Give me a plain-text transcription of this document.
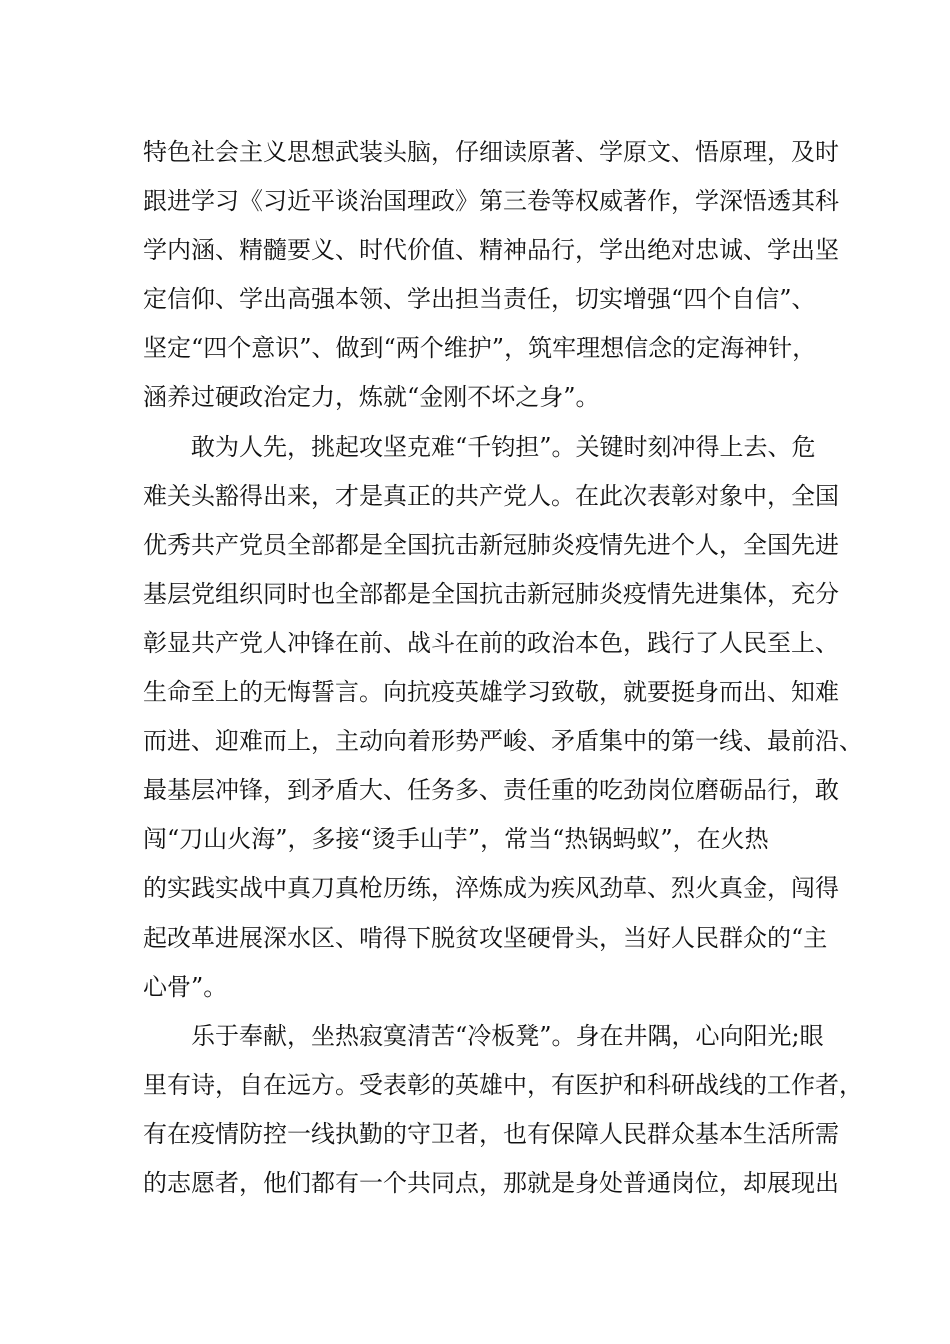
特色社会主义思想武装头脑，仔细读原著、学原文、悟原理，及时
跟进学习《习近平谈治国理政》第三卷等权威著作，学深悟透其科
学内涵、精髓要义、时代价值、精神品行，学出绝对忠诚、学出坚
定信仰、学出高强本领、学出担当责任，切实增强“四个自信”、
坚定“四个意识”、做到“两个维护”，筑牢理想信念的定海神针，
涵养过硬政治定力，炼就“金刚不坏之身”。
敢为人先，挑起攻坚克难“千钧担”。关键时刻冲得上去、危
难关头豁得出来，才是真正的共产党人。在此次表彰对象中，全国
优秀共产党员全部都是全国抗击新冠肺炎疫情先进个人，全国先进
基层党组织同时也全部都是全国抗击新冠肺炎疫情先进集体，充分
彰显共产党人冲锋在前、战斗在前的政治本色，践行了人民至上、
生命至上的无悔誓言。向抗疫英雄学习致敬，就要挺身而出、知难
而进、迎难而上，主动向着形势严峻、矛盾集中的第一线、最前沿、
最基层冲锋，到矛盾大、任务多、责任重的吃劲岗位磨砺品行，敢
闯“刀山火海”，多接“烫手山芋”，常当“热锅蚂蚁”，在火热
的实践实战中真刀真枪历练，淬炼成为疾风劲草、烈火真金，闯得
起改革进展深水区、啃得下脱贫攻坚硬骨头，当好人民群众的“主
心骨”。
乐于奉献，坐热寂寞清苦“冷板凳”。身在井隅，心向阳光;眼
里有诗，自在远方。受表彰的英雄中，有医护和科研战线的工作者，
有在疫情防控一线执勤的守卫者，也有保障人民群众基本生活所需
的志愿者，他们都有一个共同点，那就是身处普通岗位，却展现出
